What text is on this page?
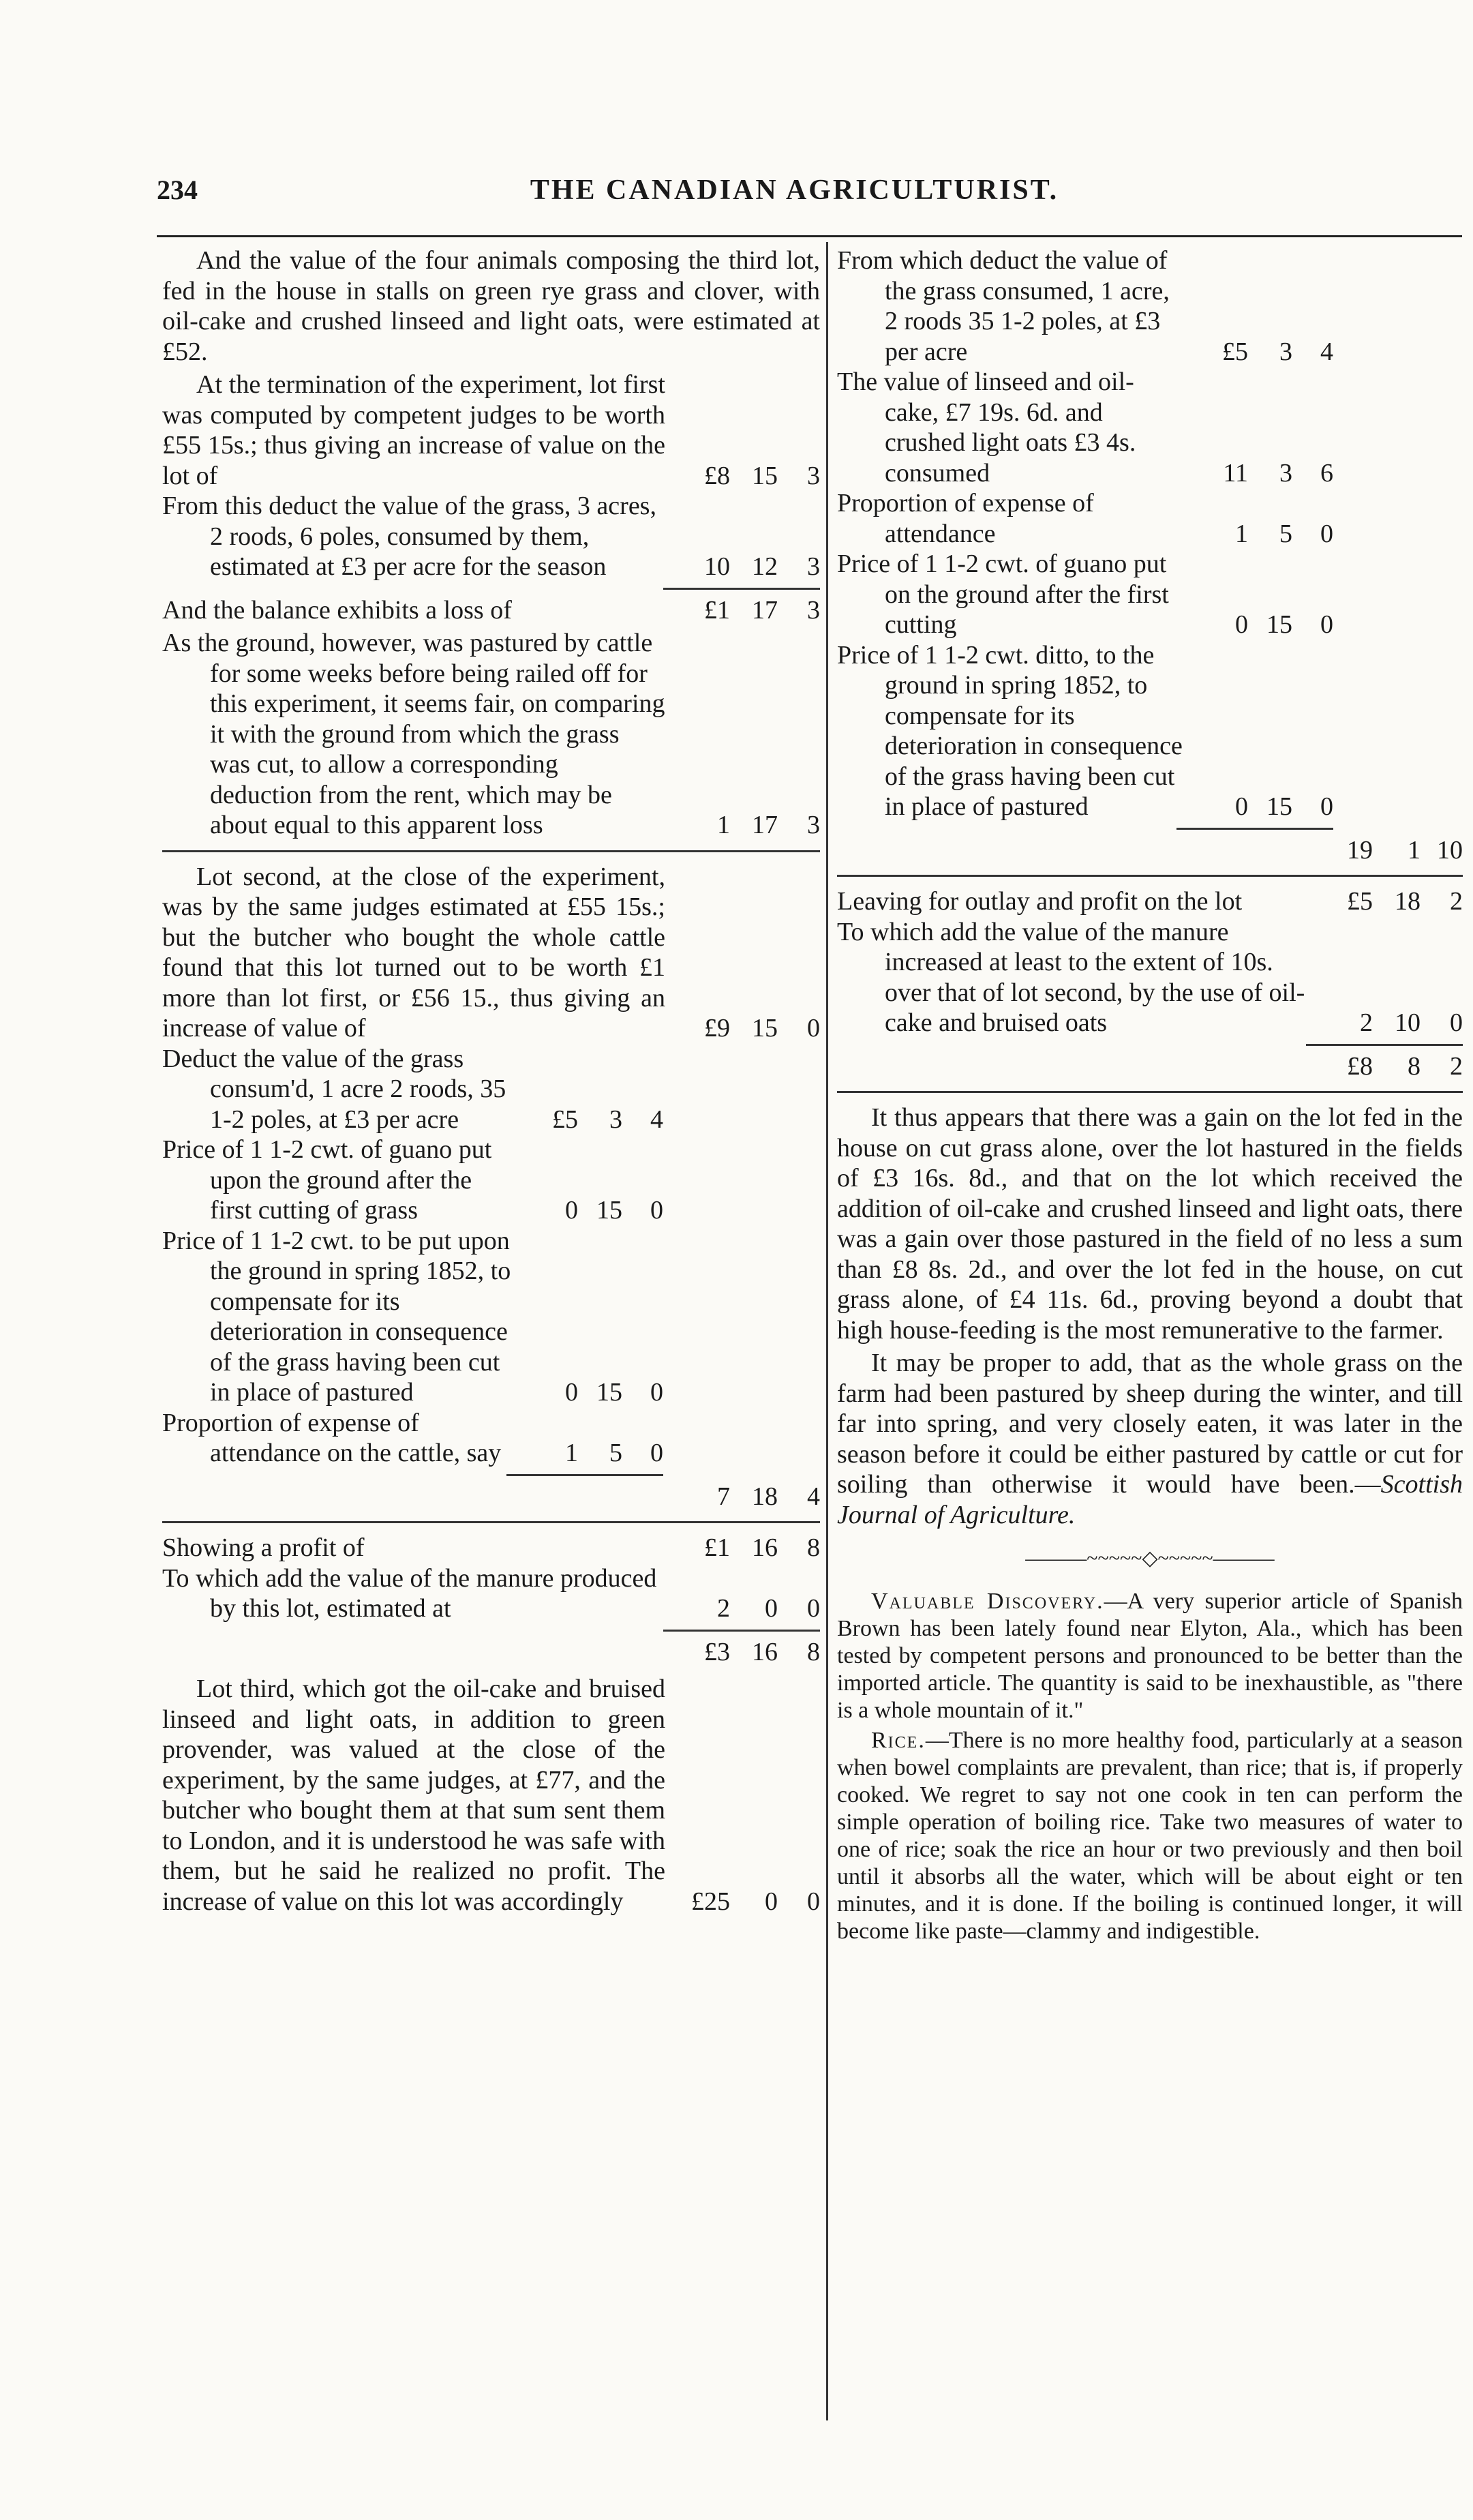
234	THE CANADIAN AGRICULTURIST.

And the value of the four animals composing the third lot, fed in the house in stalls on green rye grass and clover, with oil-cake and crushed linseed and light oats, were estimated at £52.

At the termination of the experiment, lot first was computed by competent judges to be worth £55 15s.; thus giving an increase of value on the lot of	£8 15	3
From this deduct the value of the grass, 3 acres, 2 roods, 6 poles, consumed by them, estimated at £3 per acre for the season	10 12	3
And the balance exhibits a loss of	£1 17	3
As the ground, however, was pastured by cattle for some weeks before being railed off for this experiment, it seems fair, on comparing it with the ground from which the grass was cut, to allow a corresponding deduction from the rent, which may be about equal to this apparent loss	1 17	3
Lot second, at the close of the experiment, was by the same judges estimated at £55 15s.; but the butcher who bought the whole cattle found that this lot turned out to be worth £1 more than lot first, or £56 15., thus giving an increase of value of	£9 15	0
Deduct the value of the grass consum'd, 1 acre 2 roods, 35 1-2 poles, at £3 per acre	£5	3	4
Price of 1 1-2 cwt. of guano put upon the ground after the first cutting of grass	0 15	0
Price of 1 1-2 cwt. to be put upon the ground in spring 1852, to compensate for its deterioration in consequence of the grass having been cut in place of pastured	0 15	0
Proportion of expense of attendance on the cattle, say	1	5	0
7 18	4
Showing a profit of	£1 16	8
To which add the value of the manure produced by this lot, estimated at	2	0	0
£3 16	8
Lot third, which got the oil-cake and bruised linseed and light oats, in addition to green provender, was valued at the close of the experiment, by the same judges, at £77, and the butcher who bought them at that sum sent them to London, and it is understood he was safe with them, but he said he realized no profit. The increase of value on this lot was accordingly	£25	0	0
From which deduct the value of the grass consumed, 1 acre, 2 roods 35 1-2 poles, at £3 per acre	£5	3	4
The value of linseed and oil-cake, £7 19s. 6d. and crushed light oats £3 4s. consumed	11	3	6
Proportion of expense of attendance	1	5	0
Price of 1 1-2 cwt. of guano put on the ground after the first cutting	0 15	0
Price of 1 1-2 cwt. ditto, to the ground in spring 1852, to compensate for its deterioration in consequence of the grass having been cut in place of pastured	0 15	0
19	1 10
Leaving for outlay and profit on the lot	£5 18	2
To which add the value of the manure increased at least to the extent of 10s. over that of lot second, by the use of oil-cake and bruised oats	2 10	0
£8	8	2

It thus appears that there was a gain on the lot fed in the house on cut grass alone, over the lot hastured in the fields of £3 16s. 8d., and that on the lot which received the addition of oil-cake and crushed linseed and light oats, there was a gain over those pastured in the field of no less a sum than £8 8s. 2d., and over the lot fed in the house, on cut grass alone, of £4 11s. 6d., proving beyond a doubt that high house-feeding is the most remunerative to the farmer.

It may be proper to add, that as the whole grass on the farm had been pastured by sheep during the winter, and till far into spring, and very closely eaten, it was later in the season before it could be either pastured by cattle or cut for soiling than otherwise it would have been.—Scottish Journal of Agriculture.

———~~~~~◇~~~~~———

Valuable Discovery.—A very superior article of Spanish Brown has been lately found near Elyton, Ala., which has been tested by competent persons and pronounced to be better than the imported article. The quantity is said to be inexhaustible, as "there is a whole mountain of it."

Rice.—There is no more healthy food, particularly at a season when bowel complaints are prevalent, than rice; that is, if properly cooked. We regret to say not one cook in ten can perform the simple operation of boiling rice. Take two measures of water to one of rice; soak the rice an hour or two previously and then boil until it absorbs all the water, which will be about eight or ten minutes, and it is done. If the boiling is continued longer, it will become like paste—clammy and indigestible.
